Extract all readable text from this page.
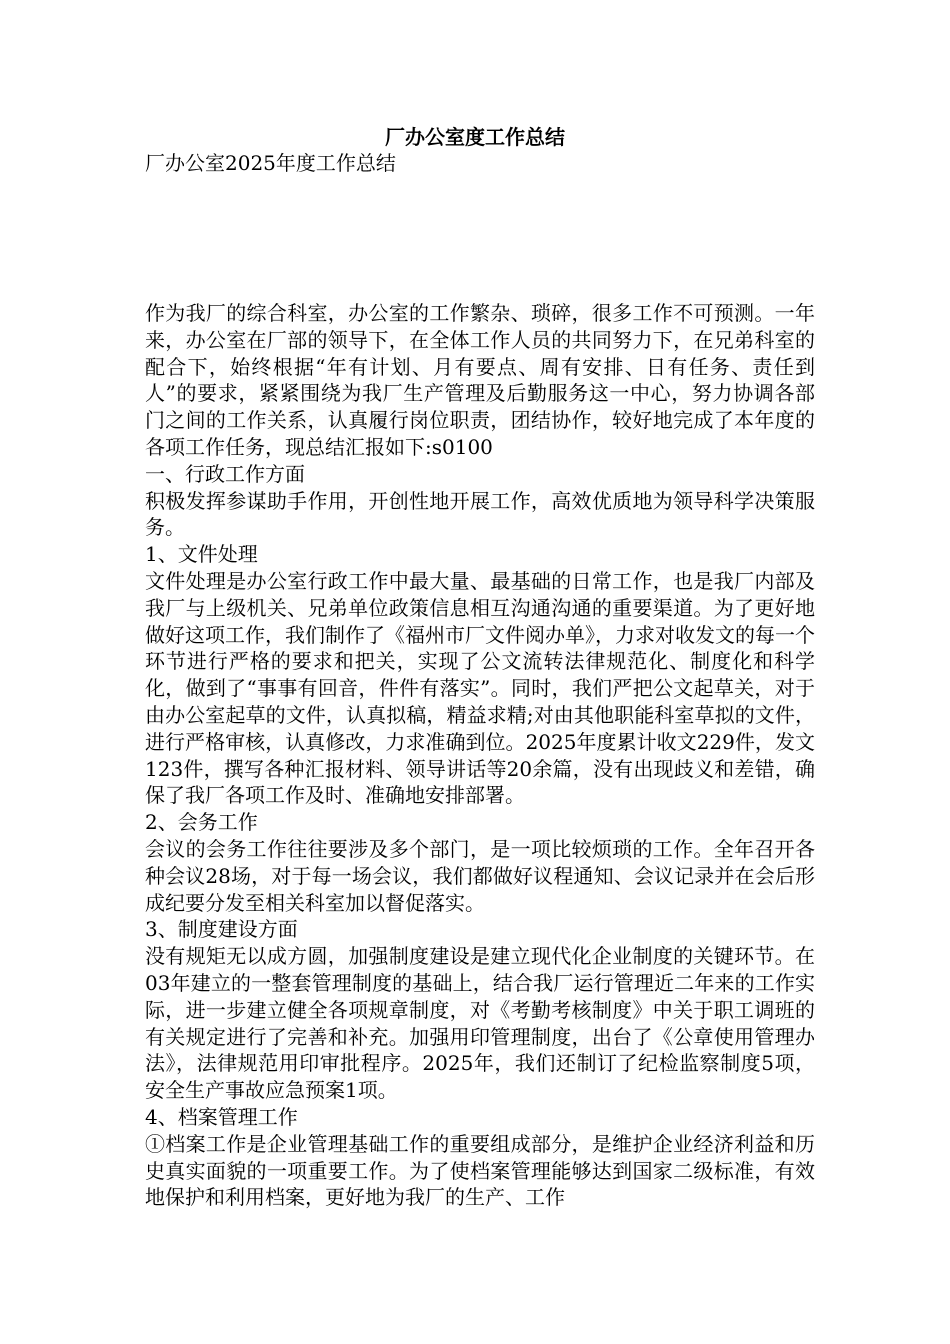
厂办公室度工作总结
厂办公室2025年度工作总结

作为我厂的综合科室，办公室的工作繁杂、琐碎，很多工作不可预测。一年来，办公室在厂部的领导下，在全体工作人员的共同努力下，在兄弟科室的配合下，始终根据“年有计划、月有要点、周有安排、日有任务、责任到人”的要求，紧紧围绕为我厂生产管理及后勤服务这一中心，努力协调各部门之间的工作关系，认真履行岗位职责，团结协作，较好地完成了本年度的各项工作任务，现总结汇报如下:s0100

一、行政工作方面

积极发挥参谋助手作用，开创性地开展工作，高效优质地为领导科学决策服务。

1、文件处理

文件处理是办公室行政工作中最大量、最基础的日常工作，也是我厂内部及我厂与上级机关、兄弟单位政策信息相互沟通沟通的重要渠道。为了更好地做好这项工作，我们制作了《福州市厂文件阅办单》，力求对收发文的每一个环节进行严格的要求和把关，实现了公文流转法律规范化、制度化和科学化，做到了“事事有回音，件件有落实”。同时，我们严把公文起草关，对于由办公室起草的文件，认真拟稿，精益求精;对由其他职能科室草拟的文件，进行严格审核，认真修改，力求准确到位。2025年度累计收文229件，发文123件，撰写各种汇报材料、领导讲话等20余篇，没有出现歧义和差错，确保了我厂各项工作及时、准确地安排部署。

2、会务工作

会议的会务工作往往要涉及多个部门，是一项比较烦琐的工作。全年召开各种会议28场，对于每一场会议，我们都做好议程通知、会议记录并在会后形成纪要分发至相关科室加以督促落实。

3、制度建设方面

没有规矩无以成方圆，加强制度建设是建立现代化企业制度的关键环节。在03年建立的一整套管理制度的基础上，结合我厂运行管理近二年来的工作实际，进一步建立健全各项规章制度，对《考勤考核制度》中关于职工调班的有关规定进行了完善和补充。加强用印管理制度，出台了《公章使用管理办法》，法律规范用印审批程序。2025年，我们还制订了纪检监察制度5项，安全生产事故应急预案1项。

4、档案管理工作

①档案工作是企业管理基础工作的重要组成部分，是维护企业经济利益和历史真实面貌的一项重要工作。为了使档案管理能够达到国家二级标准，有效地保护和利用档案，更好地为我厂的生产、工作
